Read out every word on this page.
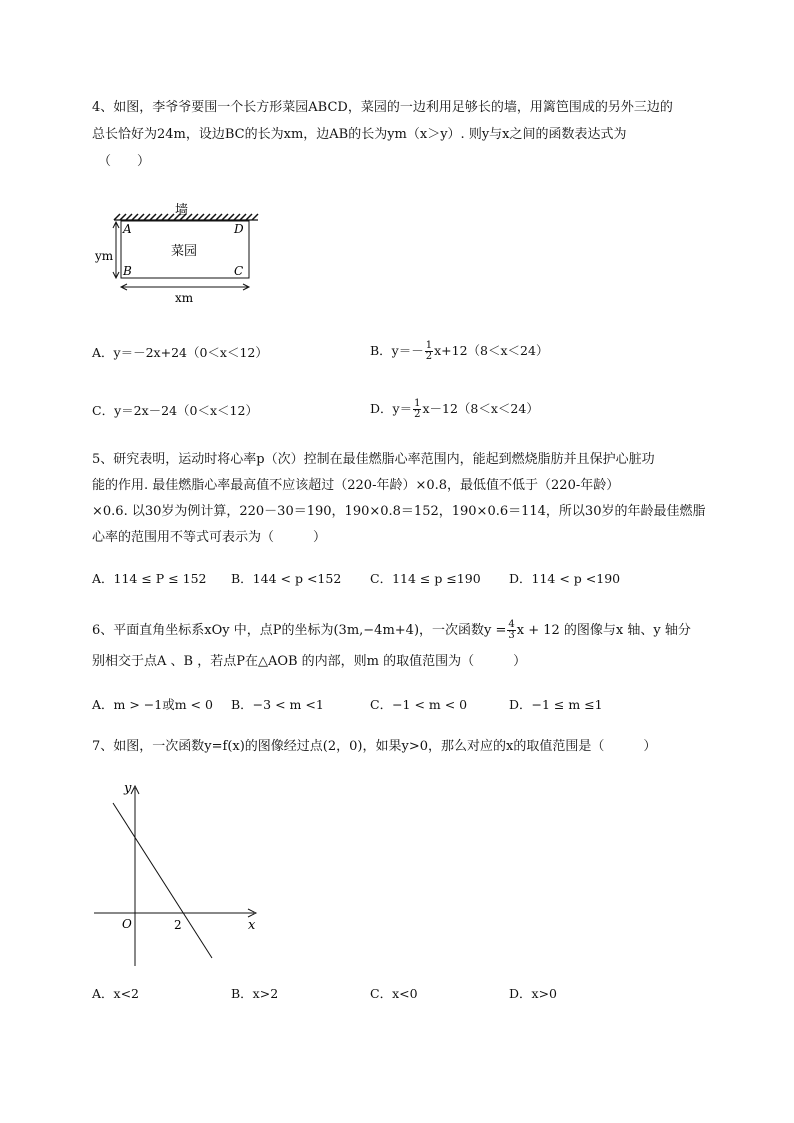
4、如图，李爷爷要围一个长方形菜园ABCD，菜园的一边利用足够长的墙，用篱笆围成的另外三边的
总长恰好为24m，设边BC的长为xm，边AB的长为ym（x＞y）. 则y与x之间的函数表达式为
（　　）
墙
菜园
A
B	C
D
ym
xm
A．y＝－2x+24（0＜x＜12）	B．$y=- \frac{1}{2} x+12(8<x<24)$
C．y＝2x－24（0＜x＜12）	D．$y= \frac{1}{2} x-12(8<x<24)$
5、研究表明，运动时将心率p（次）控制在最佳燃脂心率范围内，能起到燃烧脂肪并且保护心脏功
能的作用. 最佳燃脂心率最高值不应该超过（220-年龄）×0.8，最低值不低于（220-年龄）
×0.6. 以30岁为例计算，220－30＝190，190×0.8＝152，190×0.6＝114，所以30岁的年龄最佳燃脂
心率的范围用不等式可表示为（　　　）
A．114 ≤ P ≤ 152 B．144 < p <152 C．114 ≤ p ≤190 D．114 < p <190
6、平面直角坐标系xOy 中，点P的坐标为(3m,−4m+4)，一次函数$y = \frac{4}{3}$ x + 12 的图像与x 轴、y 轴分
别相交于点A 、B ，若点P在△AOB 的内部，则m 的取值范围为（　　　）
A．m > −1或m < 0 B．−3 < m <1	C．−1 < m < 0	D．−1 ≤ m ≤1
7、如图，一次函数y=f(x)的图像经过点(2，0)，如果y>0，那么对应的x的取值范围是（　　　）
y
x
O	2
A．x<2	B．x>2	C．x<0	D．x>0
